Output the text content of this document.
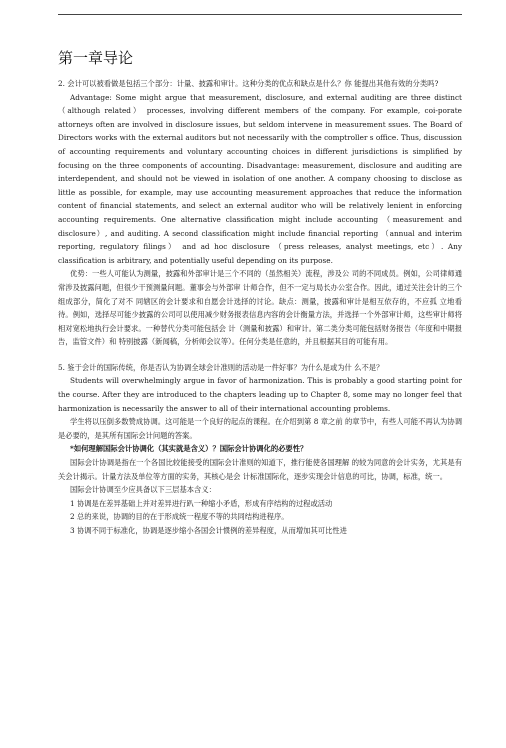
第一章导论

2. 会计可以被看做是包括三个部分：计量、披露和审计。这种分类的优点和缺点是什么？你 能提出其他有效的分类吗?

Advantage: Some might argue that measurement, disclosure, and external auditing are three distinct （although related） processes, involving different members of the company. For example, coi-porate attorneys often are involved in disclosure issues, but seldom intervene in measurement ssues. The Board of Directors works with the external auditors but not necessarily with the comptroller s office. Thus, discussion of accounting requirements and voluntary accounting choices in different jurisdictions is simplified by focusing on the three components of accounting. Disadvantage: measurement, disclosure and auditing are interdependent, and should not be viewed in isolation of one another. A company choosing to disclose as little as possible, for example, may use accounting measurement approaches that reduce the information content of financial statements, and select an external auditor who will be relatively lenient in enforcing accounting requirements. One alternative classification might include accounting （measurement and disclosure）, and auditing. A second classification might include financial reporting （annual and interim reporting, regulatory filings） and ad hoc disclosure （press releases, analyst meetings, etc）. Any classification is arbitrary, and potentially useful depending on its purpose.

优势：一些人可能认为测量，披露和外部审计是三个不同的（虽然相关）流程，涉及公 司的不同成员。例如，公司律师通常涉及披露问题，但很少干预测量问题。董事会与外部审 计师合作，但不一定与局长办公室合作。因此，通过关注会计的三个组成部分，简化了对不 同辖区的会计要求和自愿会计选择的讨论。缺点：测量，披露和审计是相互依存的，不应孤 立地看待。例如，选择尽可能少披露的公司可以使用减少财务报表信息内容的会计衡量方法，并选择一个外部审计师，这些审计师将相对宽松地执行会计要求。一种替代分类可能包括会 计（测量和披露）和审计。第二类分类可能包括财务报告（年度和中期报告，监管文件）和 特别披露（新闻稿，分析师会议等）。任何分类是任意的，并且根据其目的可能有用。

5. 鉴于会计的国际传统，你是否认为协调全球会计准则的活动是一件好事？为什么是或为什 么不是？

Students will overwhelmingly argue in favor of harmonization. This is probably a good starting point for the course. After they are introduced to the chapters leading up to Chapter 8, some may no longer feel that harmonization is necessarily the answer to all of their international accounting problems.

学生将以压倒多数赞成协调。这可能是一个良好的起点的课程。在介绍到第 8 章之前 的章节中，有些人可能不再认为协调是必要的，是其所有国际会计问题的答案。

*如何理解国际会计协调化（其实就是含义）？国际会计协调化的必要性？

国际会计协调是指在一个各国比较能接受的国际会计准则的知道下，推行能使各国理解 的较为同意的会计实务，尤其是有关会计揭示。计量方法及单位等方面的实务，其核心是会 计标准国际化，逐步实现会计信息的可比，协调，标准，统一。

国际会计协调至少应具备以下三层基本含义：

1 协调是在差异基础上并对差异进行趴一种缩小矛盾，形成有序结构的过程或活动

2 总的来说，协调的目的在于形成统一程度不等的共同结构进程序。

3 协调不同于标准化，协调是逐步缩小各国会计惯例的差异程度，从而增加其可比性进
